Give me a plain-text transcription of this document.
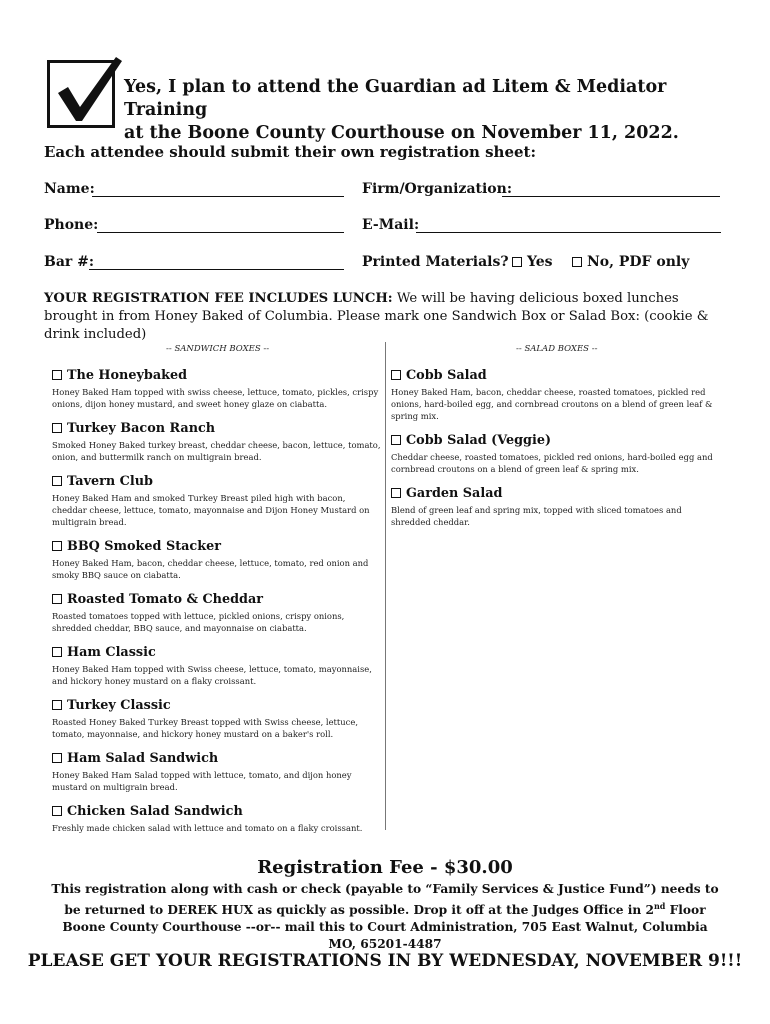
Yes, I plan to attend the Guardian ad Litem & Mediator Training
at the Boone County Courthouse on November 11, 2022.
Each attendee should submit their own registration sheet:
Name:	Firm/Organization:
Phone:	E-Mail:
Bar #:	Printed Materials?	Yes	No, PDF only
YOUR REGISTRATION FEE INCLUDES LUNCH: We will be having delicious boxed lunches brought in from Honey Baked of Columbia. Please mark one Sandwich Box or Salad Box: (cookie & drink included)
-- SANDWICH BOXES --	-- SALAD BOXES --
The Honeybaked
Honey Baked Ham topped with swiss cheese, lettuce, tomato, pickles, crispy onions, dijon honey mustard, and sweet honey glaze on ciabatta.
Turkey Bacon Ranch
Smoked Honey Baked turkey breast, cheddar cheese, bacon, lettuce, tomato, onion, and buttermilk ranch on multigrain bread.
Tavern Club
Honey Baked Ham and smoked Turkey Breast piled high with bacon, cheddar cheese, lettuce, tomato, mayonnaise and Dijon Honey Mustard on multigrain bread.
BBQ Smoked Stacker
Honey Baked Ham, bacon, cheddar cheese, lettuce, tomato, red onion and smoky BBQ sauce on ciabatta.
Roasted Tomato & Cheddar
Roasted tomatoes topped with lettuce, pickled onions, crispy onions, shredded cheddar, BBQ sauce, and mayonnaise on ciabatta.
Ham Classic
Honey Baked Ham topped with Swiss cheese, lettuce, tomato, mayonnaise, and hickory honey mustard on a flaky croissant.
Turkey Classic
Roasted Honey Baked Turkey Breast topped with Swiss cheese, lettuce, tomato, mayonnaise, and hickory honey mustard on a baker's roll.
Ham Salad Sandwich
Honey Baked Ham Salad topped with lettuce, tomato, and dijon honey mustard on multigrain bread.
Chicken Salad Sandwich
Freshly made chicken salad with lettuce and tomato on a flaky croissant.
Cobb Salad
Honey Baked Ham, bacon, cheddar cheese, roasted tomatoes, pickled red onions, hard-boiled egg, and cornbread croutons on a blend of green leaf & spring mix.
Cobb Salad (Veggie)
Cheddar cheese, roasted tomatoes, pickled red onions, hard-boiled egg and cornbread croutons on a blend of green leaf & spring mix.
Garden Salad
Blend of green leaf and spring mix, topped with sliced tomatoes and shredded cheddar.
Registration Fee - $30.00
This registration along with cash or check (payable to “Family Services & Justice Fund”) needs to be returned to DEREK HUX as quickly as possible. Drop it off at the Judges Office in 2nd Floor Boone County Courthouse --or-- mail this to Court Administration, 705 East Walnut, Columbia MO, 65201-4487
PLEASE GET YOUR REGISTRATIONS IN BY WEDNESDAY, NOVEMBER 9!!!
